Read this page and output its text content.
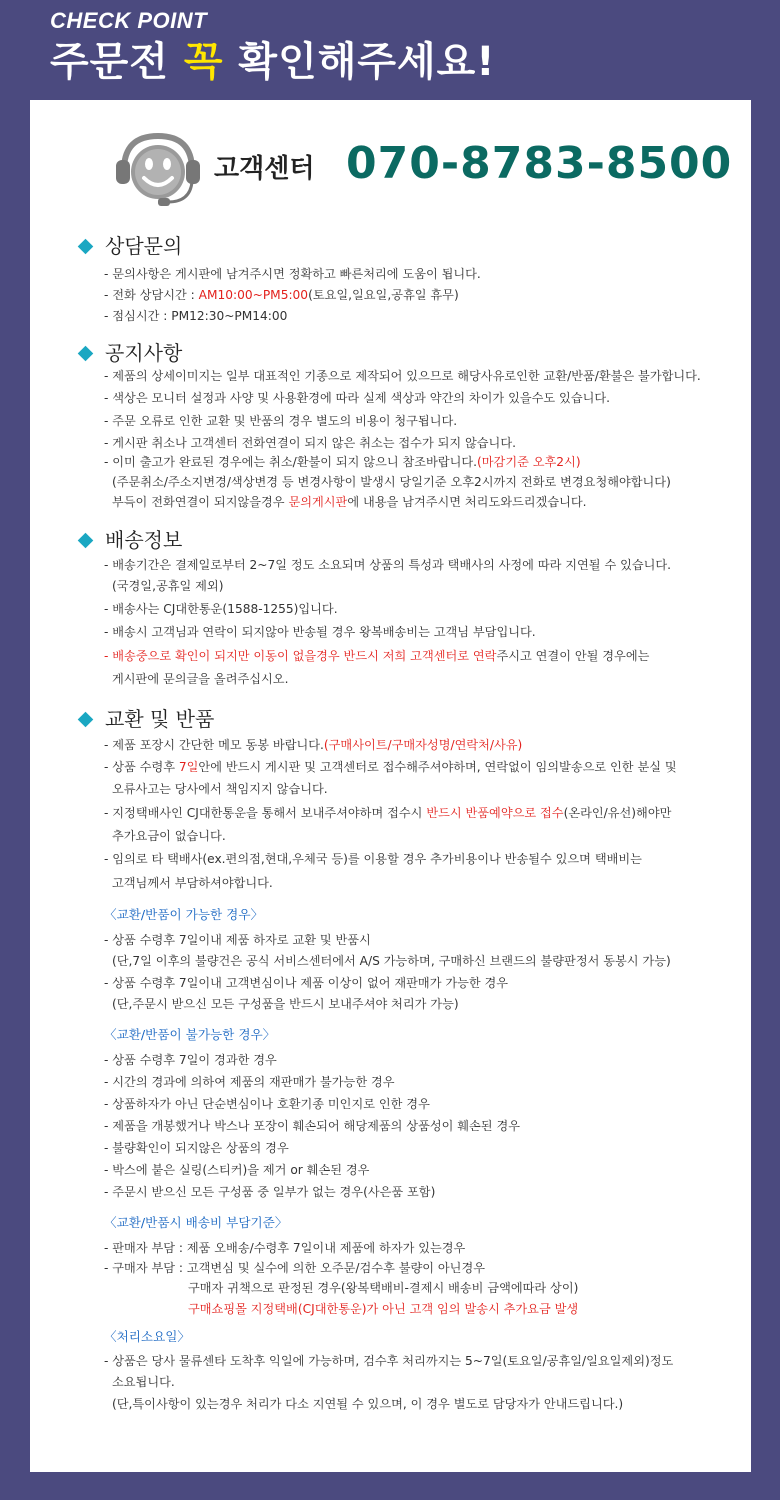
CHECK POINT
주문전 꼭 확인해주세요!
고객센터 070-8783-8500
상담문의
- 문의사항은 게시판에 남겨주시면 정확하고 빠른처리에 도움이 됩니다.
- 전화 상담시간 : AM10:00~PM5:00(토요일,일요일,공휴일 휴무)
- 점심시간 : PM12:30~PM14:00
공지사항
- 제품의 상세이미지는 일부 대표적인 기종으로 제작되어 있으므로 해당사유로인한 교환/반품/환불은 불가합니다.
- 색상은 모니터 설정과 사양 및 사용환경에 따라 실제 색상과 약간의 차이가 있을수도 있습니다.
- 주문 오류로 인한 교환 및 반품의 경우 별도의 비용이 청구됩니다.
- 게시판 취소나 고객센터 전화연결이 되지 않은 취소는 접수가 되지 않습니다.
- 이미 출고가 완료된 경우에는 취소/환불이 되지 않으니 참조바랍니다.(마감기준 오후2시)
(주문취소/주소지변경/색상변경 등 변경사항이 발생시 당일기준 오후2시까지 전화로 변경요청해야합니다)
부득이 전화연결이 되지않을경우 문의게시판에 내용을 남겨주시면 처리도와드리겠습니다.
배송정보
- 배송기간은 결제일로부터 2~7일 정도 소요되며 상품의 특성과 택배사의 사정에 따라 지연될 수 있습니다.
(국경일,공휴일 제외)
- 배송사는 CJ대한통운(1588-1255)입니다.
- 배송시 고객님과 연락이 되지않아 반송될 경우 왕복배송비는 고객님 부담입니다.
- 배송중으로 확인이 되지만 이동이 없을경우 반드시 저희 고객센터로 연락주시고 연결이 안될 경우에는
게시판에 문의글을 올려주십시오.
교환 및 반품
- 제품 포장시 간단한 메모 동봉 바랍니다.(구매사이트/구매자성명/연락처/사유)
- 상품 수령후 7일안에 반드시 게시판 및 고객센터로 접수해주셔야하며, 연락없이 임의발송으로 인한 분실 및
오류사고는 당사에서 책임지지 않습니다.
- 지정택배사인 CJ대한통운을 통해서 보내주셔야하며 접수시 반드시 반품예약으로 접수(온라인/유선)해야만
추가요금이 없습니다.
- 임의로 타 택배사(ex.편의점,현대,우체국 등)를 이용할 경우 추가비용이나 반송될수 있으며 택배비는
고객님께서 부담하셔야합니다.
〈교환/반품이 가능한 경우〉
- 상품 수령후 7일이내 제품 하자로 교환 및 반품시
(단,7일 이후의 불량건은 공식 서비스센터에서 A/S 가능하며, 구매하신 브랜드의 불량판정서 동봉시 가능)
- 상품 수령후 7일이내 고객변심이나 제품 이상이 없어 재판매가 가능한 경우
(단,주문시 받으신 모든 구성품을 반드시 보내주셔야 처리가 가능)
〈교환/반품이 불가능한 경우〉
- 상품 수령후 7일이 경과한 경우
- 시간의 경과에 의하여 제품의 재판매가 불가능한 경우
- 상품하자가 아닌 단순변심이나 호환기종 미인지로 인한 경우
- 제품을 개봉했거나 박스나 포장이 훼손되어 해당제품의 상품성이 훼손된 경우
- 불량확인이 되지않은 상품의 경우
- 박스에 붙은 실링(스티커)을 제거 or 훼손된 경우
- 주문시 받으신 모든 구성품 중 일부가 없는 경우(사은품 포함)
〈교환/반품시 배송비 부담기준〉
- 판매자 부담 : 제품 오배송/수령후 7일이내 제품에 하자가 있는경우
- 구매자 부담 : 고객변심 및 실수에 의한 오주문/검수후 불량이 아닌경우
구매자 귀책으로 판정된 경우(왕복택배비-결제시 배송비 금액에따라 상이)
구매쇼핑몰 지정택배(CJ대한통운)가 아닌 고객 임의 발송시 추가요금 발생
〈처리소요일〉
- 상품은 당사 물류센타 도착후 익일에 가능하며, 검수후 처리까지는 5~7일(토요일/공휴일/일요일제외)정도
소요됩니다.
(단,특이사항이 있는경우 처리가 다소 지연될 수 있으며, 이 경우 별도로 담당자가 안내드립니다.)
